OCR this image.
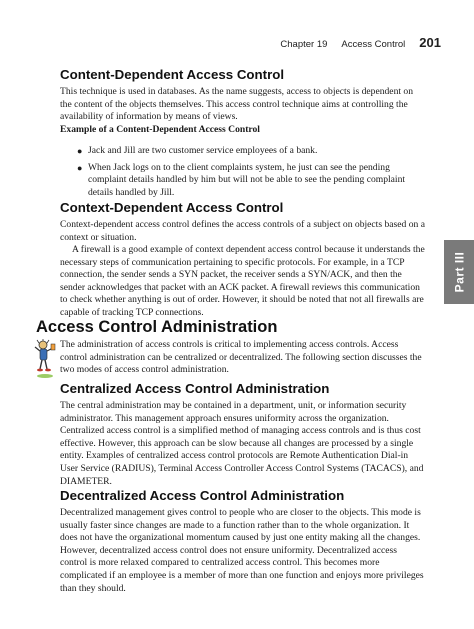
Chapter 19 Access Control 201
Part III
Content-Dependent Access Control

This technique is used in databases. As the name suggests, access to objects is dependent on the content of the objects themselves. This access control technique aims at controlling the availability of information by means of views.

Example of a Content-Dependent Access Control

● Jack and Jill are two customer service employees of a bank.
● When Jack logs on to the client complaints system, he just can see the pending complaint details handled by him but will not be able to see the pending complaint details handled by Jill.
Context-Dependent Access Control

Context-dependent access control defines the access controls of a subject on objects based on a context or situation.

A firewall is a good example of context dependent access control because it understands the necessary steps of communication pertaining to specific protocols. For example, in a TCP connection, the sender sends a SYN packet, the receiver sends a SYN/ACK, and then the sender acknowledges that packet with an ACK packet. A firewall reviews this communication to check whether anything is out of order. However, it should be noted that not all firewalls are capable of tracking TCP connections.

The administration of access controls is critical to implementing access controls. Access control administration can be centralized or decentralized. The following section discusses the two modes of access control administration.

Centralized Access Control Administration

The central administration may be contained in a department, unit, or information security administrator. This management approach ensures uniformity across the organization. Centralized access control is a simplified method of managing access controls and is thus cost effective. However, this approach can be slow because all changes are processed by a single entity. Examples of centralized access control protocols are Remote Authentication Dial-in User Service (RADIUS), Terminal Access Controller Access Control Systems (TACACS), and DIAMETER.

Decentralized Access Control Administration

Decentralized management gives control to people who are closer to the objects. This mode is usually faster since changes are made to a function rather than to the whole organization. It does not have the organizational momentum caused by just one entity making all the changes. However, decentralized access control does not ensure uniformity. Decentralized access control is more relaxed compared to centralized access control. This becomes more complicated if an employee is a member of more than one function and enjoys more privileges than they should.

Access Control Administration
